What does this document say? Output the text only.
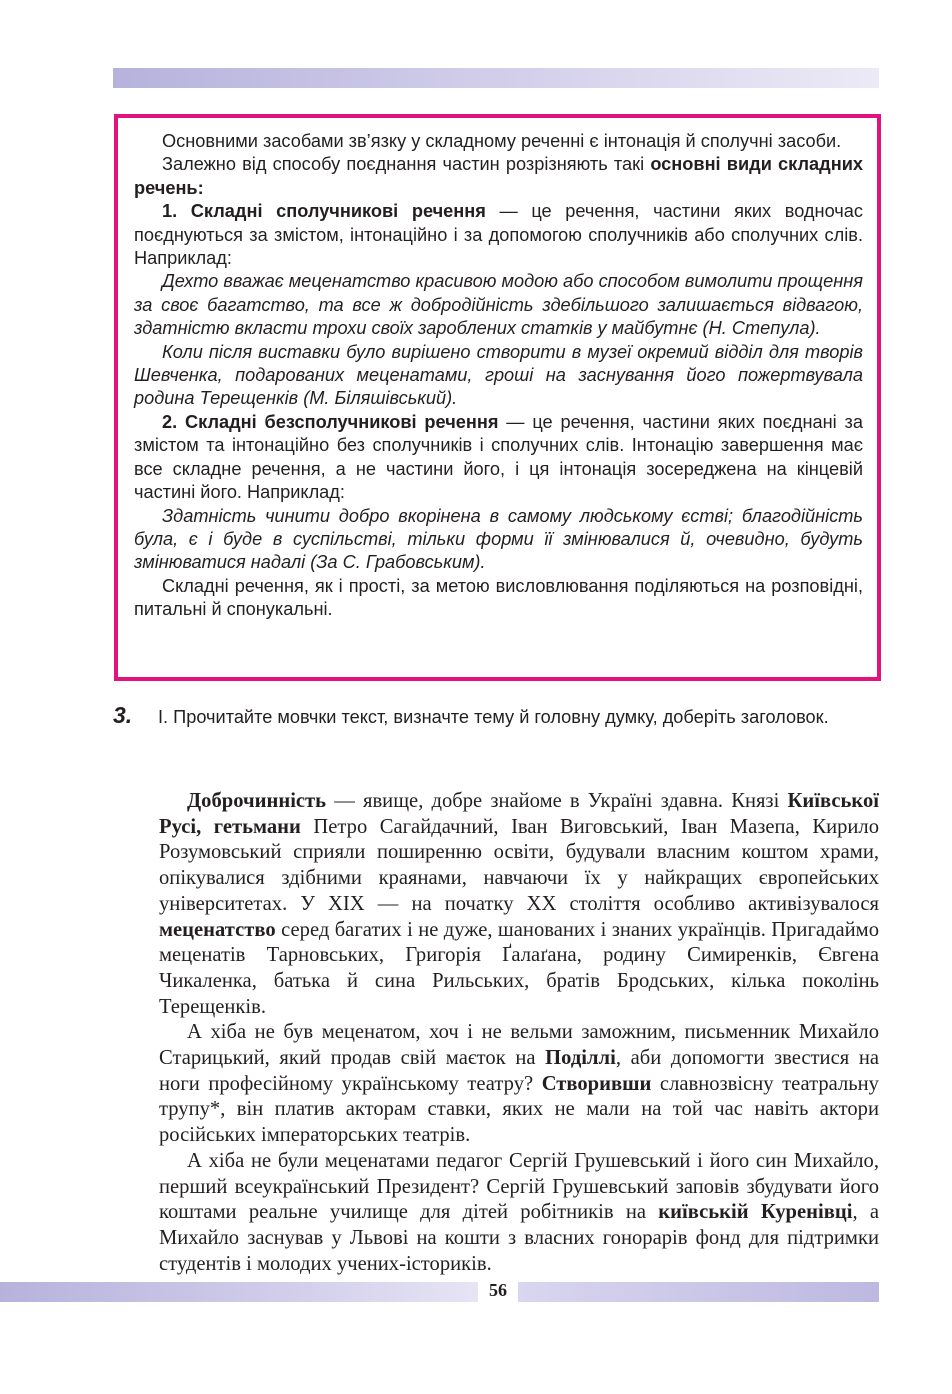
Основними засобами зв’язку у складному реченні є інтонація й сполучні засоби.

Залежно від способу поєднання частин розрізняють такі основні види складних речень:

1. Складні сполучникові речення — це речення, частини яких водночас поєднуються за змістом, інтонаційно і за допомогою сполучників або сполучних слів. Наприклад:

Дехто вважає меценатство красивою модою або способом вимолити прощення за своє багатство, та все ж добродійність здебільшого залишається відвагою, здатністю вкласти трохи своїх зароблених статків у майбутнє (Н. Степула).

Коли після виставки було вирішено створити в музеї окремий відділ для творів Шевченка, подарованих меценатами, гроші на заснування його пожертвувала родина Терещенків (М. Біляшівський).

2. Складні безсполучникові речення — це речення, частини яких поєднані за змістом та інтонаційно без сполучників і сполучних слів. Інтонацію завершення має все складне речення, а не частини його, і ця інтонація зосереджена на кінцевій частині його. Наприклад:

Здатність чинити добро вкорінена в самому людському єстві; благодійність була, є і буде в суспільстві, тільки форми її змінювалися й, очевидно, будуть змінюватися надалі (За С. Грабовським).

Складні речення, як і прості, за метою висловлювання поділяються на розповідні, питальні й спонукальні.

3. І. Прочитайте мовчки текст, визначте тему й головну думку, доберіть заголовок.

Доброчинність — явище, добре знайоме в Україні здавна. Князі Київської Русі, гетьмани Петро Сагайдачний, Іван Виговський, Іван Мазепа, Кирило Розумовський сприяли поширенню освіти, будували власним коштом храми, опікувалися здібними краянами, навчаючи їх у найкращих європейських університетах. У XIX — на початку XX століття особливо активізувалося меценатство серед багатих і не дуже, шанованих і знаних українців. Пригадаймо меценатів Тарновських, Григорія Ґалаґана, родину Симиренків, Євгена Чикаленка, батька й сина Рильських, братів Бродських, кілька поколінь Терещенків.

А хіба не був меценатом, хоч і не вельми заможним, письменник Михайло Старицький, який продав свій маєток на Поділлі, аби допомогти звестися на ноги професійному українському театру? Створивши славнозвісну театральну трупу*, він платив акторам ставки, яких не мали на той час навіть актори російських імператорських театрів.

А хіба не були меценатами педагог Сергій Грушевський і його син Михайло, перший всеукраїнський Президент? Сергій Грушевський заповів збудувати його коштами реальне училище для дітей робітників на київській Куренівці, а Михайло заснував у Львові на кошти з власних гонорарів фонд для підтримки студентів і молодих учених-істориків.

56
